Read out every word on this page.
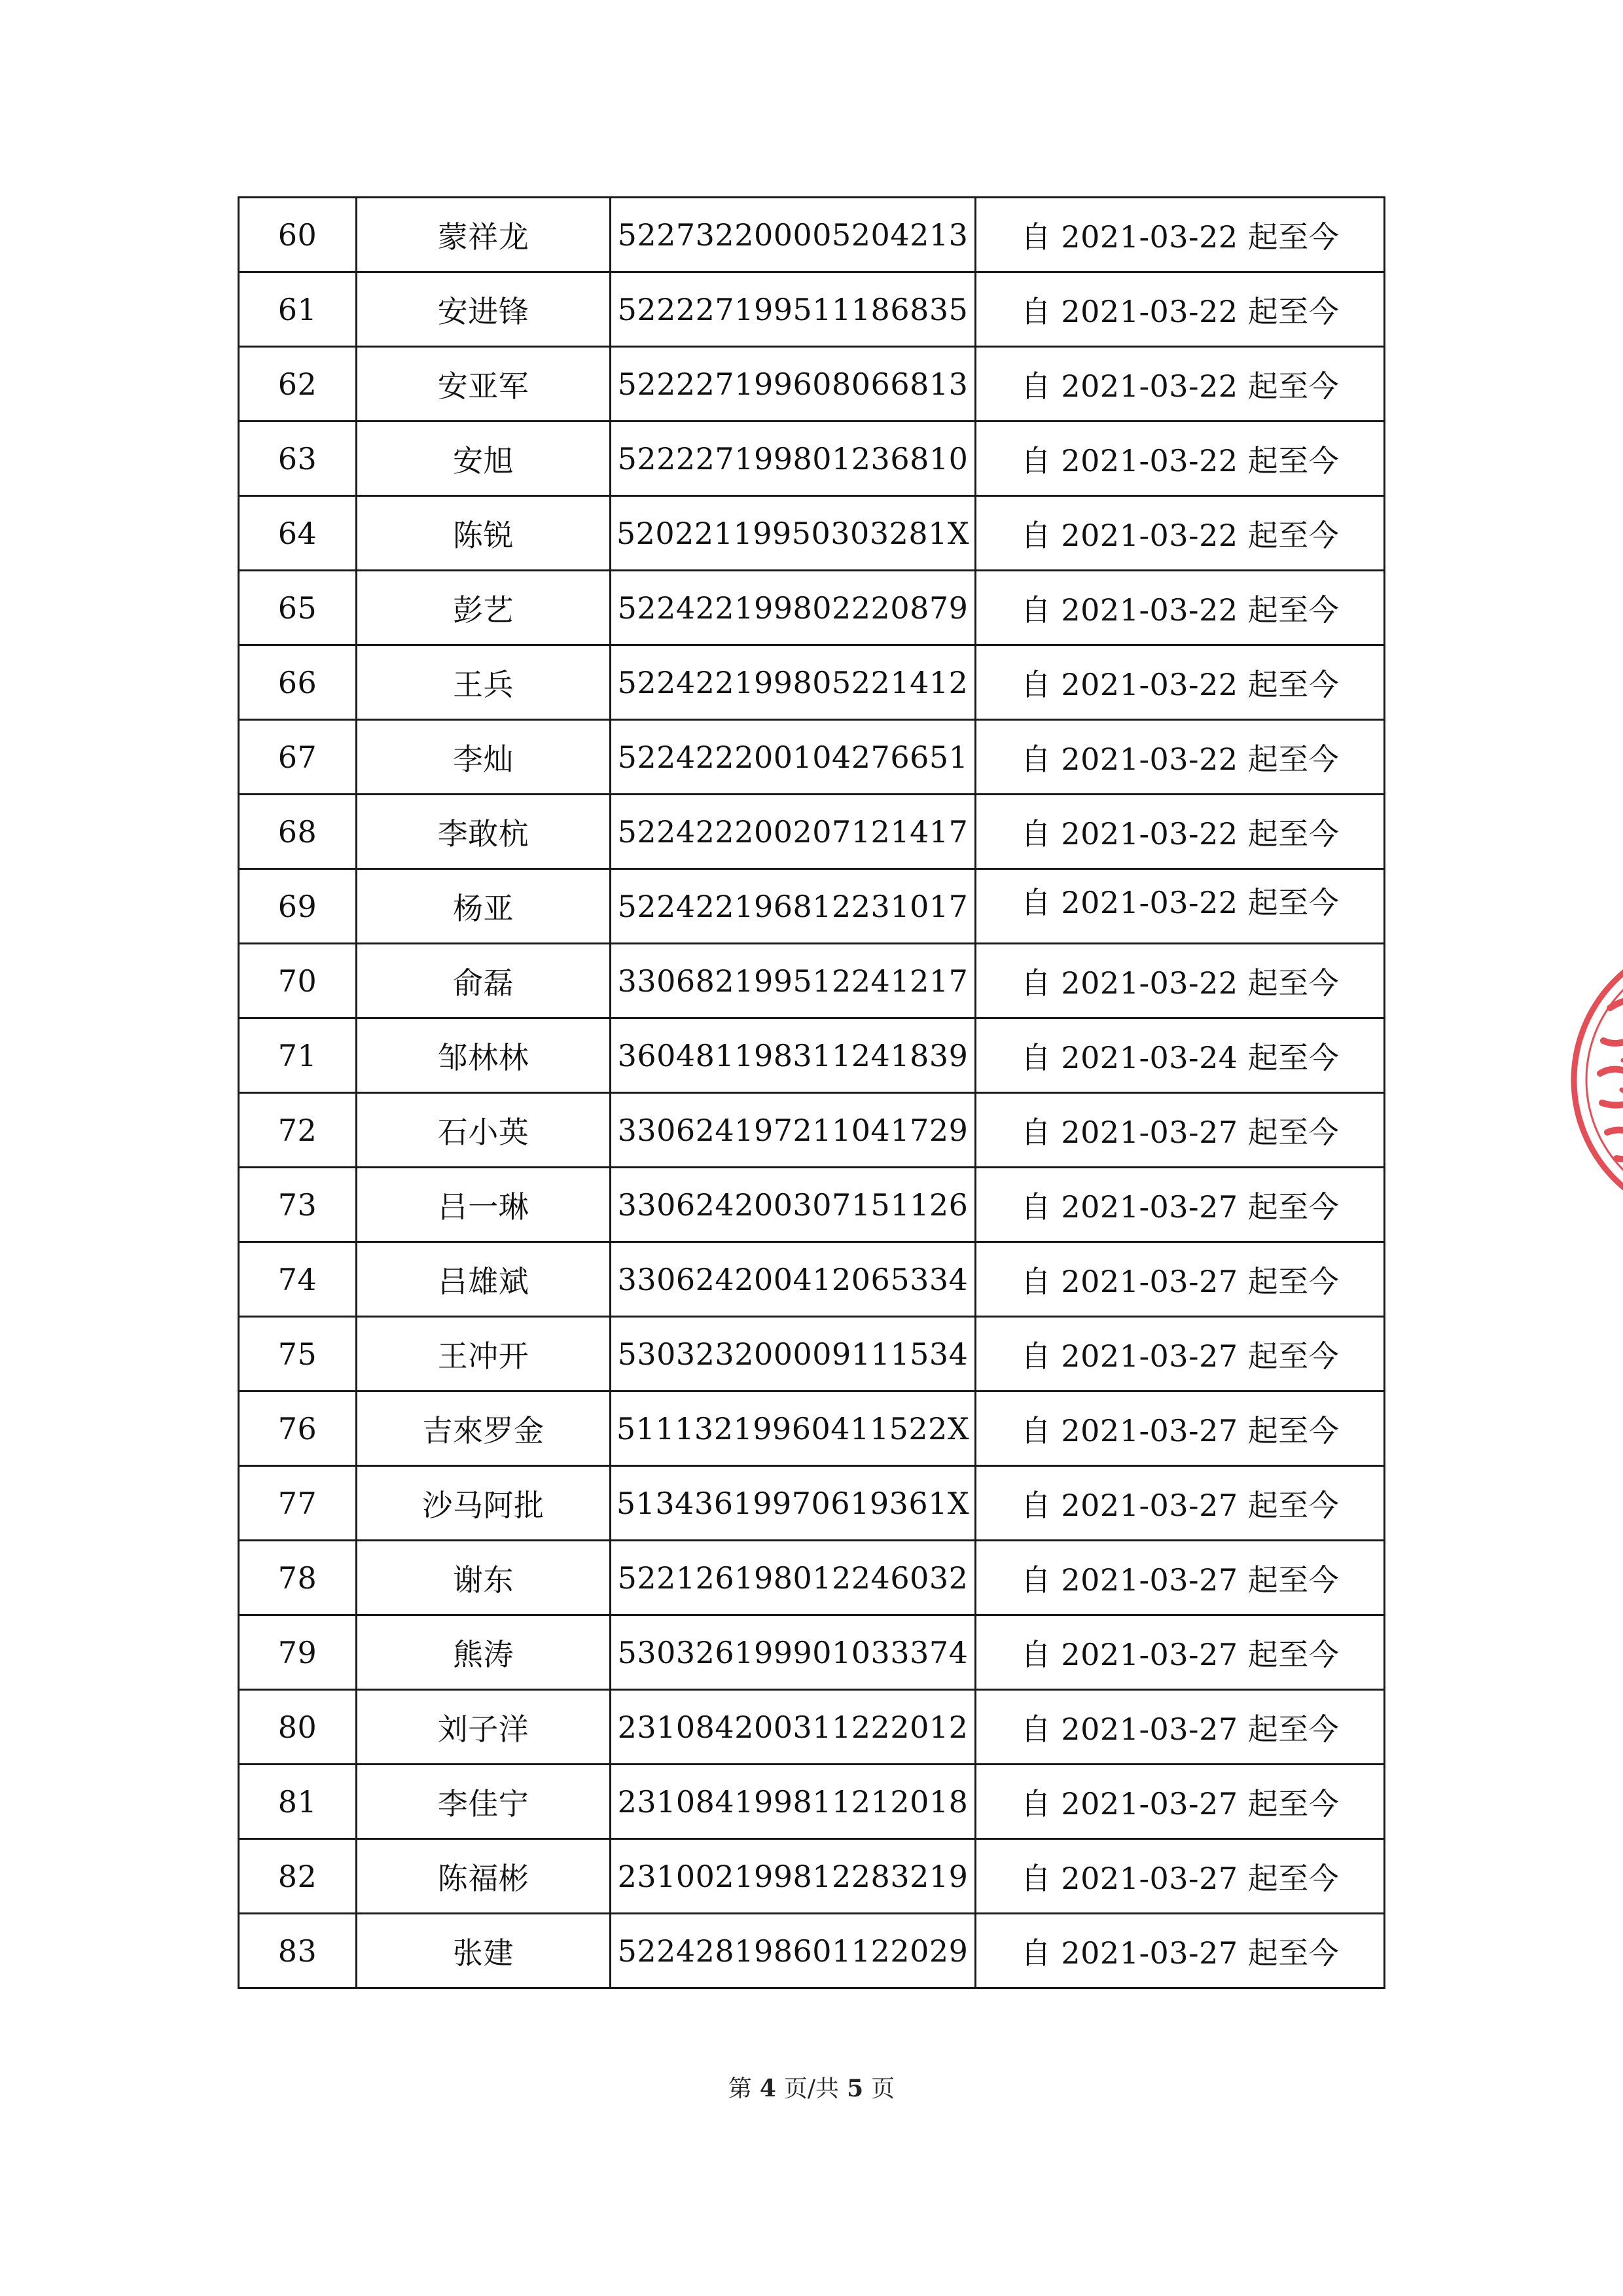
60	蒙祥龙	522732200005204213	自 2021-03-22 起至今
61	安进锋	522227199511186835	自 2021-03-22 起至今
62	安亚军	522227199608066813	自 2021-03-22 起至今
63	安旭	522227199801236810	自 2021-03-22 起至今
64	陈锐	52022119950303281X	自 2021-03-22 起至今
65	彭艺	522422199802220879	自 2021-03-22 起至今
66	王兵	522422199805221412	自 2021-03-22 起至今
67	李灿	522422200104276651	自 2021-03-22 起至今
68	李敢杭	522422200207121417	自 2021-03-22 起至今
69	杨亚	522422196812231017	自 2021-03-22 起至今
70	俞磊	330682199512241217	自 2021-03-22 起至今
71	邹林林	360481198311241839	自 2021-03-24 起至今
72	石小英	330624197211041729	自 2021-03-27 起至今
73	吕一琳	330624200307151126	自 2021-03-27 起至今
74	吕雄斌	330624200412065334	自 2021-03-27 起至今
75	王冲开	530323200009111534	自 2021-03-27 起至今
76	吉來罗金	51113219960411522X	自 2021-03-27 起至今
77	沙马阿批	51343619970619361X	自 2021-03-27 起至今
78	谢东	522126198012246032	自 2021-03-27 起至今
79	熊涛	530326199901033374	自 2021-03-27 起至今
80	刘子洋	231084200311222012	自 2021-03-27 起至今
81	李佳宁	231084199811212018	自 2021-03-27 起至今
82	陈福彬	231002199812283219	自 2021-03-27 起至今
83	张建	522428198601122029	自 2021-03-27 起至今
第 4 页/共 5 页
